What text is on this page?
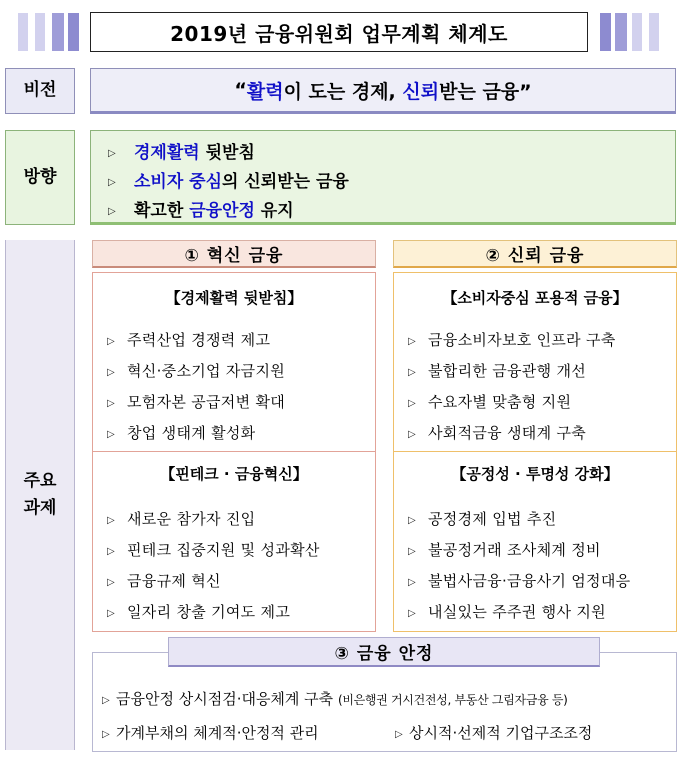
2019년 금융위원회 업무계획 체계도
비전	“ 활력 이 도는 경제, 신뢰 받는 금융”
방향
▷ 경제활력 뒷받침
▷ 소비자 중심의 신뢰받는 금융
▷ 확고한 금융안정 유지
주요
과제
① 혁신 금융
【경제활력 뒷받침】
▷ 주력산업 경쟁력 제고
▷ 혁신·중소기업 자금지원
▷ 모험자본 공급저변 확대
▷ 창업 생태계 활성화
【핀테크 · 금융혁신】
▷ 새로운 참가자 진입
▷ 핀테크 집중지원 및 성과확산
▷ 금융규제 혁신
▷ 일자리 창출 기여도 제고
② 신뢰 금융
【소비자중심 포용적 금융】
▷ 금융소비자보호 인프라 구축
▷ 불합리한 금융관행 개선
▷ 수요자별 맞춤형 지원
▷ 사회적금융 생태계 구축
【공정성 · 투명성 강화】
▷ 공정경제 입법 추진
▷ 불공정거래 조사체계 정비
▷ 불법사금융·금융사기 엄정대응
▷ 내실있는 주주권 행사 지원
③ 금융 안정
▷ 금융안정 상시점검·대응체계 구축 (비은행권 거시건전성, 부동산 그림자금융 등)
▷ 가계부채의 체계적·안정적 관리	▷ 상시적·선제적 기업구조조정
